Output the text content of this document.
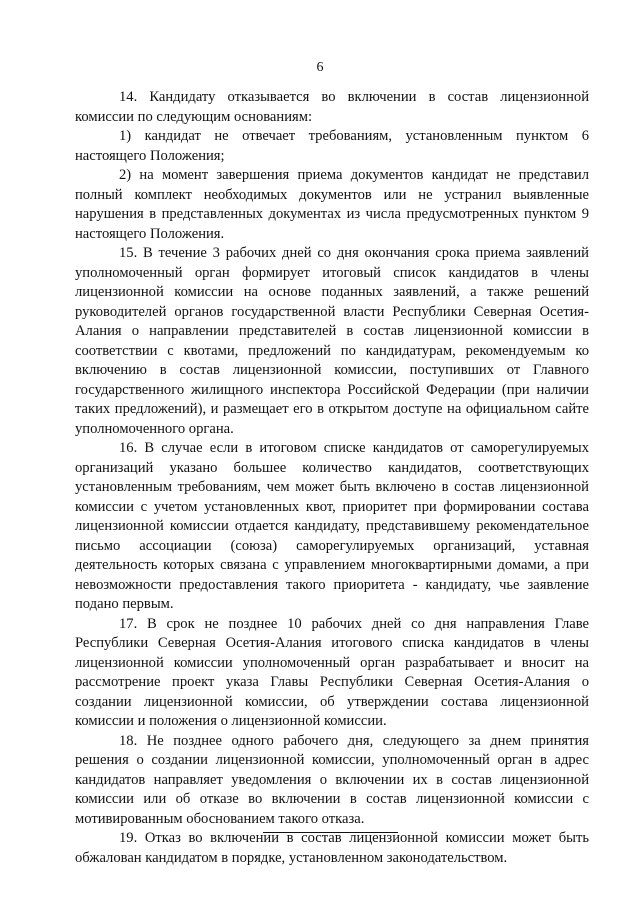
6

14. Кандидату отказывается во включении в состав лицензионной комиссии по следующим основаниям:

1) кандидат не отвечает требованиям, установленным пунктом 6 настоящего Положения;

2) на момент завершения приема документов кандидат не представил полный комплект необходимых документов или не устранил выявленные нарушения в представленных документах из числа предусмотренных пунктом 9 настоящего Положения.

15. В течение 3 рабочих дней со дня окончания срока приема заявлений уполномоченный орган формирует итоговый список кандидатов в члены лицензионной комиссии на основе поданных заявлений, а также решений руководителей органов государственной власти Республики Северная Осетия-Алания о направлении представителей в состав лицензионной комиссии в соответствии с квотами, предложений по кандидатурам, рекомендуемым ко включению в состав лицензионной комиссии, поступивших от Главного государственного жилищного инспектора Российской Федерации (при наличии таких предложений), и размещает его в открытом доступе на официальном сайте уполномоченного органа.

16. В случае если в итоговом списке кандидатов от саморегулируемых организаций указано большее количество кандидатов, соответствующих установленным требованиям, чем может быть включено в состав лицензионной комиссии с учетом установленных квот, приоритет при формировании состава лицензионной комиссии отдается кандидату, представившему рекомендательное письмо ассоциации (союза) саморегулируемых организаций, уставная деятельность которых связана с управлением многоквартирными домами, а при невозможности предоставления такого приоритета - кандидату, чье заявление подано первым.

17. В срок не позднее 10 рабочих дней со дня направления Главе Республики Северная Осетия-Алания итогового списка кандидатов в члены лицензионной комиссии уполномоченный орган разрабатывает и вносит на рассмотрение проект указа Главы Республики Северная Осетия-Алания о создании лицензионной комиссии, об утверждении состава лицензионной комиссии и положения о лицензионной комиссии.

18. Не позднее одного рабочего дня, следующего за днем принятия решения о создании лицензионной комиссии, уполномоченный орган в адрес кандидатов направляет уведомления о включении их в состав лицензионной комиссии или об отказе во включении в состав лицензионной комиссии с мотивированным обоснованием такого отказа.

19. Отказ во включении в состав лицензионной комиссии может быть обжалован кандидатом в порядке, установленном законодательством.
